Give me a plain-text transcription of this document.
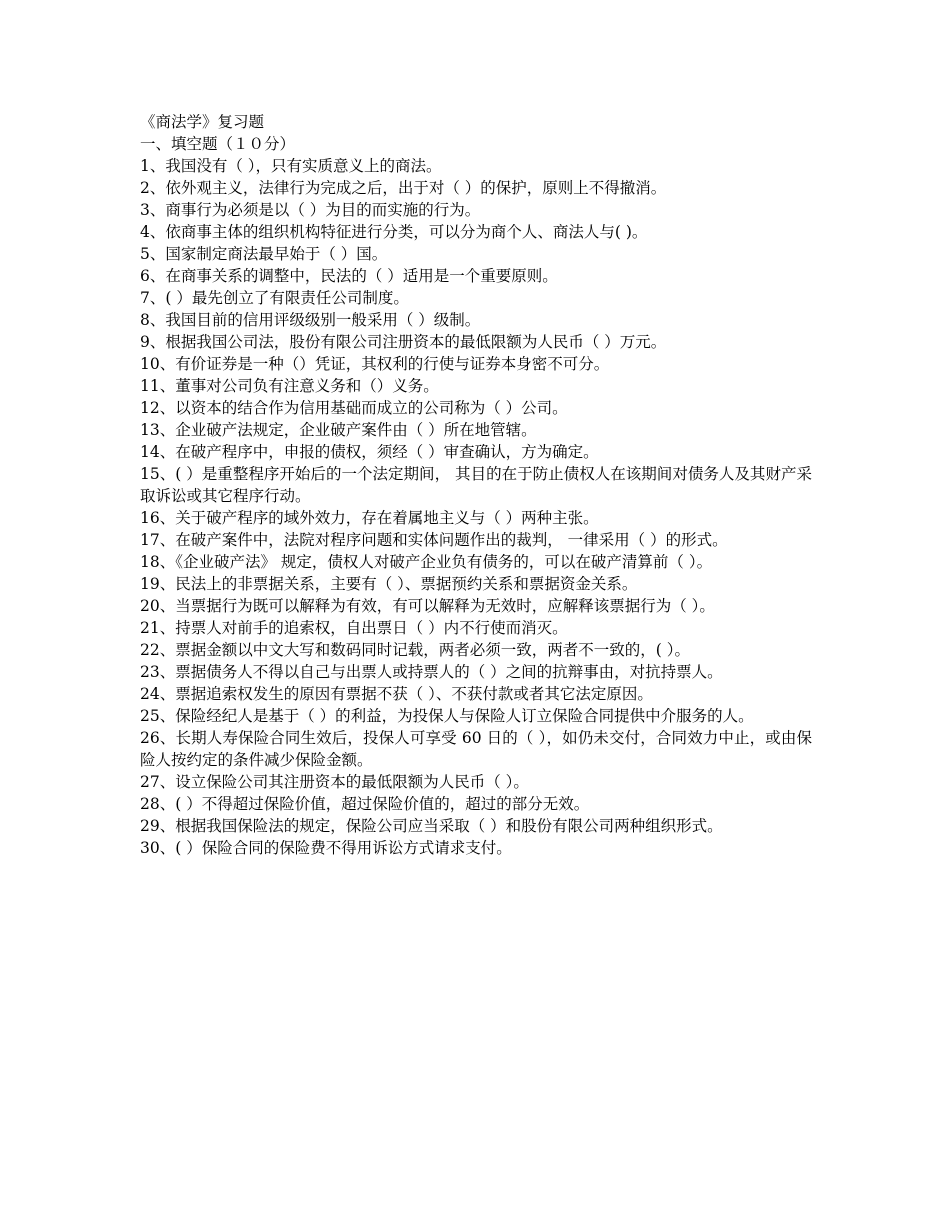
《商法学》复习题
一、填空题（１０分）
1、我国没有（ ），只有实质意义上的商法。
2、依外观主义，法律行为完成之后，出于对（ ）的保护，原则上不得撤消。
3、商事行为必须是以（ ）为目的而实施的行为。
4、依商事主体的组织机构特征进行分类，可以分为商个人、商法人与( )。
5、国家制定商法最早始于（ ）国。
6、在商事关系的调整中，民法的（ ）适用是一个重要原则。
7、( ）最先创立了有限责任公司制度。
8、我国目前的信用评级级别一般采用（ ）级制。
9、根据我国公司法，股份有限公司注册资本的最低限额为人民币（ ）万元。
10、有价证券是一种（）凭证，其权利的行使与证券本身密不可分。
11、董事对公司负有注意义务和（）义务。
12、以资本的结合作为信用基础而成立的公司称为（ ）公司。
13、企业破产法规定，企业破产案件由（ ）所在地管辖。
14、在破产程序中，申报的债权，须经（ ）审查确认，方为确定。
15、( ）是重整程序开始后的一个法定期间， 其目的在于防止债权人在该期间对债务人及其财产采取诉讼或其它程序行动。
16、关于破产程序的域外效力，存在着属地主义与（ ）两种主张。
17、在破产案件中，法院对程序问题和实体问题作出的裁判， 一律采用（ ）的形式。
18、《企业破产法》 规定，债权人对破产企业负有债务的，可以在破产清算前（ ）。
19、民法上的非票据关系，主要有（ ）、票据预约关系和票据资金关系。
20、当票据行为既可以解释为有效，有可以解释为无效时，应解释该票据行为（ ）。
21、持票人对前手的追索权，自出票日（ ）内不行使而消灭。
22、票据金额以中文大写和数码同时记载，两者必须一致，两者不一致的，( ）。
23、票据债务人不得以自己与出票人或持票人的（ ）之间的抗辩事由，对抗持票人。
24、票据追索权发生的原因有票据不获（ ）、不获付款或者其它法定原因。
25、保险经纪人是基于（ ）的利益，为投保人与保险人订立保险合同提供中介服务的人。
26、长期人寿保险合同生效后，投保人可享受 60 日的（ ），如仍未交付，合同效力中止，或由保险人按约定的条件减少保险金额。
27、设立保险公司其注册资本的最低限额为人民币（ ）。
28、( ）不得超过保险价值，超过保险价值的，超过的部分无效。
29、根据我国保险法的规定，保险公司应当采取（ ）和股份有限公司两种组织形式。
30、( ）保险合同的保险费不得用诉讼方式请求支付。
